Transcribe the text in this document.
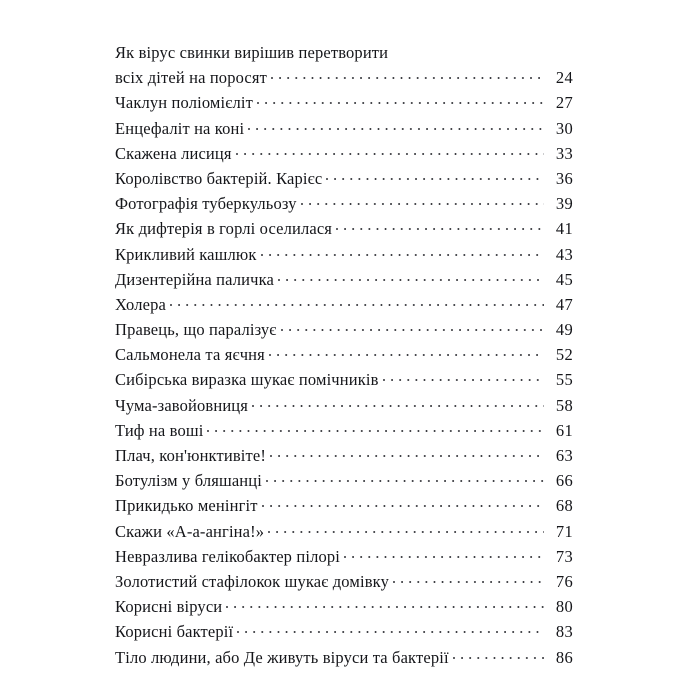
Як вірус свинки вирішив перетворити
всіх дітей на поросят	24
Чаклун поліомієліт	27
Енцефаліт на коні	30
Скажена лисиця	33
Королівство бактерій. Карієс	36
Фотографія туберкульозу	39
Як дифтерія в горлі оселилася	41
Крикливий кашлюк	43
Дизентерійна паличка	45
Холера	47
Правець, що паралізує	49
Сальмонела та яєчня	52
Сибірська виразка шукає помічників	55
Чума-завойовниця	58
Тиф на воші	61
Плач, кон'юнктивіте!	63
Ботулізм у бляшанці	66
Прикидько менінгіт	68
Скажи «А-а-ангіна!»	71
Невразлива гелікобактер пілорі	73
Золотистий стафілокок шукає домівку	76
Корисні віруси	80
Корисні бактерії	83
Тіло людини, або Де живуть віруси та бактерії	86
